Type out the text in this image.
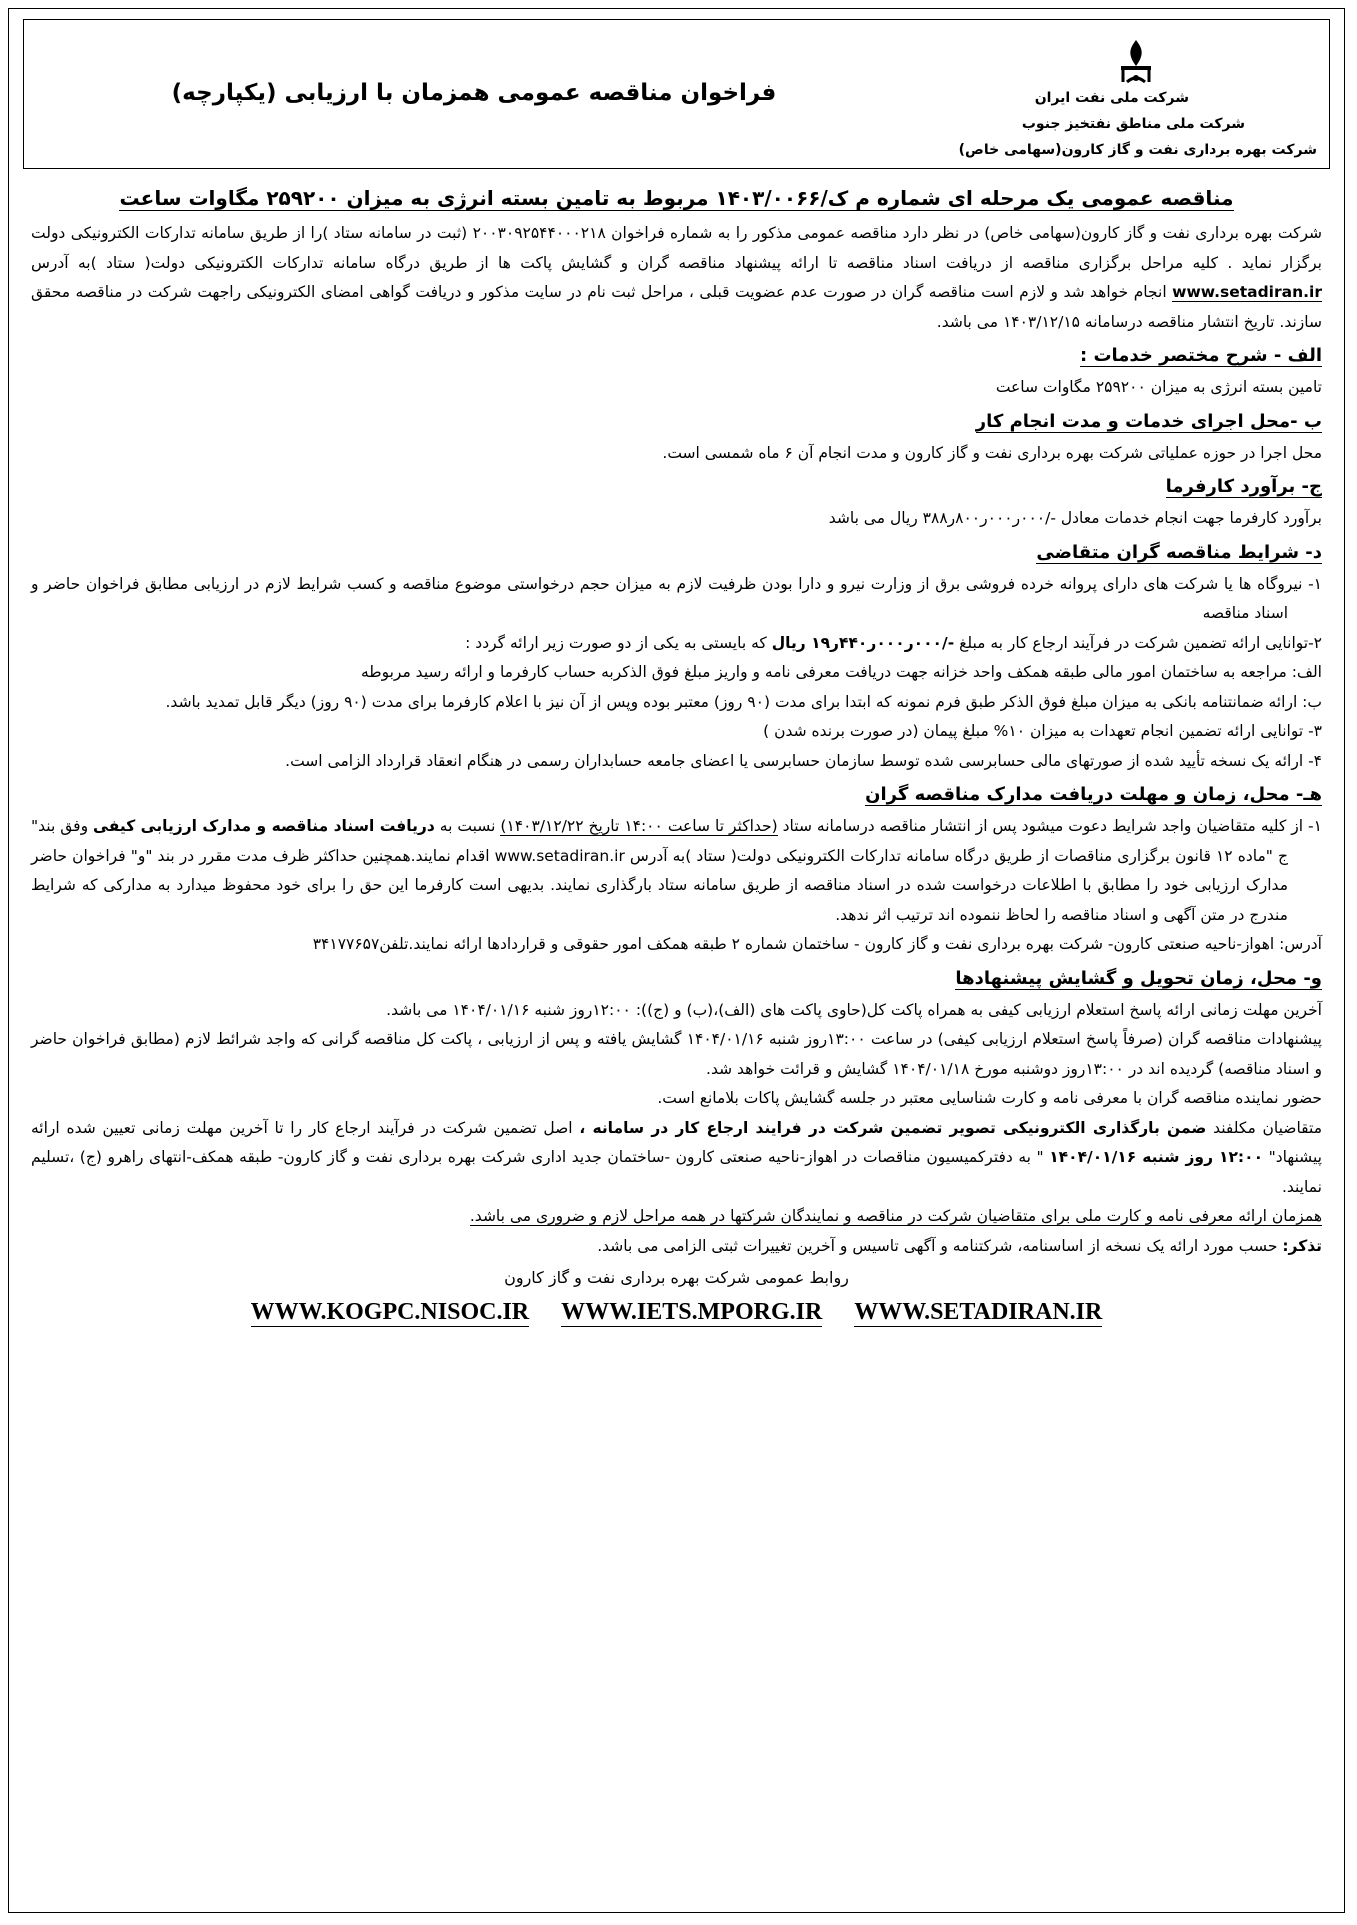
شرکت ملی نفت ایران
شرکت ملی مناطق نفتخیز جنوب
شرکت بهره برداری نفت و گاز کارون(سهامی خاص)
فراخوان مناقصه عمومی همزمان با ارزیابی (یکپارچه)
مناقصه عمومی یک مرحله ای شماره م ک/۱۴۰۳/۰۰۶۶ مربوط به تامین بسته انرژی به میزان ۲۵۹۲۰۰ مگاوات ساعت

شرکت بهره برداری نفت و گاز کارون(سهامی خاص) در نظر دارد مناقصه عمومی مذکور را به شماره فراخوان ۲۰۰۳۰۹۲۵۴۴۰۰۰۲۱۸ (ثبت در سامانه ستاد )را از طریق سامانه تدارکات الکترونیکی دولت برگزار نماید . کلیه مراحل برگزاری مناقصه از دریافت اسناد مناقصه تا ارائه پیشنهاد مناقصه گران و گشایش پاکت ها از طریق درگاه سامانه تدارکات الکترونیکی دولت( ستاد )به آدرس www.setadiran.ir انجام خواهد شد و لازم است مناقصه گران در صورت عدم عضویت قبلی ، مراحل ثبت نام در سایت مذکور و دریافت گواهی امضای الکترونیکی راجهت شرکت در مناقصه محقق سازند. تاریخ انتشار مناقصه درسامانه ۱۴۰۳/۱۲/۱۵ می باشد.

الف - شرح مختصر خدمات :

تامین بسته انرژی به میزان ۲۵۹۲۰۰ مگاوات ساعت

ب -محل اجرای خدمات و مدت انجام کار

محل اجرا در حوزه عملیاتی شرکت بهره برداری نفت و گاز کارون و مدت انجام آن ۶ ماه شمسی است.

ج- برآورد کارفرما

برآورد کارفرما جهت انجام خدمات معادل -/۰۰۰ر۰۰۰ر۸۰۰ر۳۸۸ ریال می باشد

د- شرایط مناقصه گران متقاضی

۱- نیروگاه ها یا شرکت های دارای پروانه خرده فروشی برق از وزارت نیرو و دارا بودن ظرفیت لازم به میزان حجم درخواستی موضوع مناقصه و کسب شرایط لازم در ارزیابی مطابق فراخوان حاضر و اسناد مناقصه

۲-توانایی ارائه تضمین شرکت در فرآیند ارجاع کار به مبلغ -/۰۰۰ر۰۰۰ر۴۴۰ر۱۹ ریال که بایستی به یکی از دو صورت زیر ارائه گردد :

الف: مراجعه به ساختمان امور مالی طبقه همکف واحد خزانه جهت دریافت معرفی نامه و واریز مبلغ فوق الذکربه حساب کارفرما و ارائه رسید مربوطه

ب: ارائه ضمانتنامه بانکی به میزان مبلغ فوق الذکر طبق فرم نمونه که ابتدا برای مدت (۹۰ روز) معتبر بوده وپس از آن نیز با اعلام کارفرما برای مدت (۹۰ روز) دیگر قابل تمدید باشد.

۳- توانایی ارائه تضمین انجام تعهدات به میزان ۱۰% مبلغ پیمان (در صورت برنده شدن )

۴- ارائه یک نسخه تأیید شده از صورتهای مالی حسابرسی شده توسط سازمان حسابرسی یا اعضای جامعه حسابداران رسمی در هنگام انعقاد قرارداد الزامی است.

هـ- محل، زمان و مهلت دریافت مدارک مناقصه گران

۱- از کلیه متقاضیان واجد شرایط دعوت میشود پس از انتشار مناقصه درسامانه ستاد (حداکثر تا ساعت ۱۴:۰۰ تاریخ ۱۴۰۳/۱۲/۲۲) نسبت به دریافت اسناد مناقصه و مدارک ارزیابی کیفی وفق بند" ج "ماده ۱۲ قانون برگزاری مناقصات از طریق درگاه سامانه تدارکات الکترونیکی دولت( ستاد )به آدرس www.setadiran.ir اقدام نمایند.همچنین حداکثر ظرف مدت مقرر در بند "و" فراخوان حاضر مدارک ارزیابی خود را مطابق با اطلاعات درخواست شده در اسناد مناقصه از طریق سامانه ستاد بارگذاری نمایند. بدیهی است کارفرما این حق را برای خود محفوظ میدارد به مدارکی که شرایط مندرج در متن آگهی و اسناد مناقصه را لحاظ ننموده اند ترتیب اثر ندهد.

آدرس: اهواز-ناحیه صنعتی کارون- شرکت بهره برداری نفت و گاز کارون - ساختمان شماره ۲ طبقه همکف امور حقوقی و قراردادها ارائه نمایند.تلفن۳۴۱۷۷۶۵۷

و- محل، زمان تحویل و گشایش پیشنهادها

آخرین مهلت زمانی ارائه پاسخ استعلام ارزیابی کیفی به همراه پاکت کل(حاوی پاکت های (الف)،(ب) و (ج)): ۱۲:۰۰روز شنبه ۱۴۰۴/۰۱/۱۶ می باشد.

پیشنهادات مناقصه گران (صرفاً پاسخ استعلام ارزیابی کیفی) در ساعت ۱۳:۰۰روز شنبه ۱۴۰۴/۰۱/۱۶ گشایش یافته و پس از ارزیابی ، پاکت کل مناقصه گرانی که واجد شرائط لازم (مطابق فراخوان حاضر و اسناد مناقصه) گردیده اند در ۱۳:۰۰روز دوشنبه مورخ ۱۴۰۴/۰۱/۱۸ گشایش و قرائت خواهد شد.

حضور نماینده مناقصه گران با معرفی نامه و کارت شناسایی معتبر در جلسه گشایش پاکات بلامانع است.

متقاضیان مکلفند ضمن بارگذاری الکترونیکی تصویر تضمین شرکت در فرایند ارجاع کار در سامانه ، اصل تضمین شرکت در فرآیند ارجاع کار را تا آخرین مهلت زمانی تعیین شده ارائه پیشنهاد" ۱۲:۰۰ روز شنبه ۱۴۰۴/۰۱/۱۶ " به دفترکمیسیون مناقصات در اهواز-ناحیه صنعتی کارون -ساختمان جدید اداری شرکت بهره برداری نفت و گاز کارون- طبقه همکف-انتهای راهرو (ج) ،تسلیم نمایند.

همزمان ارائه معرفی نامه و کارت ملی برای متقاضیان شرکت در مناقصه و نمایندگان شرکتها در همه مراحل لازم و ضروری می باشد.

تذکر: حسب مورد ارائه یک نسخه از اساسنامه، شرکتنامه و آگهی تاسیس و آخرین تغییرات ثبتی الزامی می باشد.

روابط عمومی شرکت بهره برداری نفت و گاز کارون
WWW.KOGPC.NISOC.IR WWW.IETS.MPORG.IR WWW.SETADIRAN.IR
